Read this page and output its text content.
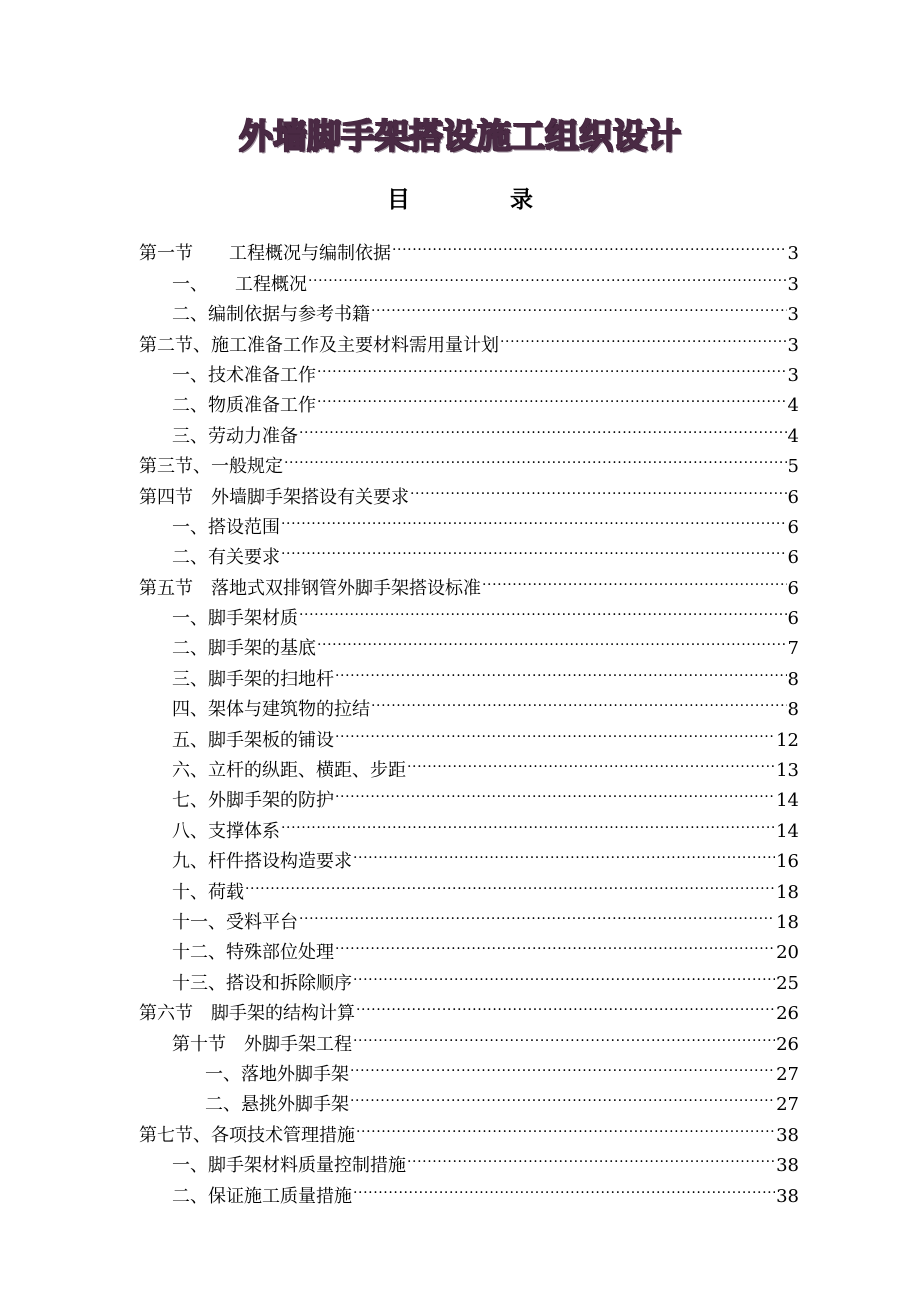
外墙脚手架搭设施工组织设计
目	录
第一节　　工程概况与编制依据 .....	3
一、　　工程概况 .....	3
二、编制依据与参考书籍 .....	3
第二节、施工准备工作及主要材料需用量计划 .....	3
一、技术准备工作 .....	3
二、物质准备工作 .....	4
三、劳动力准备 .....	4
第三节、一般规定 .....	5
第四节　外墙脚手架搭设有关要求 .....	6
一、搭设范围 .....	6
二、有关要求 .....	6
第五节　落地式双排钢管外脚手架搭设标准 .....	6
一、脚手架材质 .....	6
二、脚手架的基底 .....	7
三、脚手架的扫地杆 .....	8
四、架体与建筑物的拉结 .....	8
五、脚手架板的铺设 .....	12
六、立杆的纵距、横距、步距 .....	13
七、外脚手架的防护 .....	14
八、支撑体系 .....	14
九、杆件搭设构造要求 .....	16
十、荷载 .....	18
十一、受料平台 .....	18
十二、特殊部位处理 .....	20
十三、搭设和拆除顺序 .....	25
第六节　脚手架的结构计算 .....	26
第十节　外脚手架工程 .....	26
一、落地外脚手架 .....	27
二、悬挑外脚手架 .....	27
第七节、各项技术管理措施 .....	38
一、脚手架材料质量控制措施 .....	38
二、保证施工质量措施 .....	38
